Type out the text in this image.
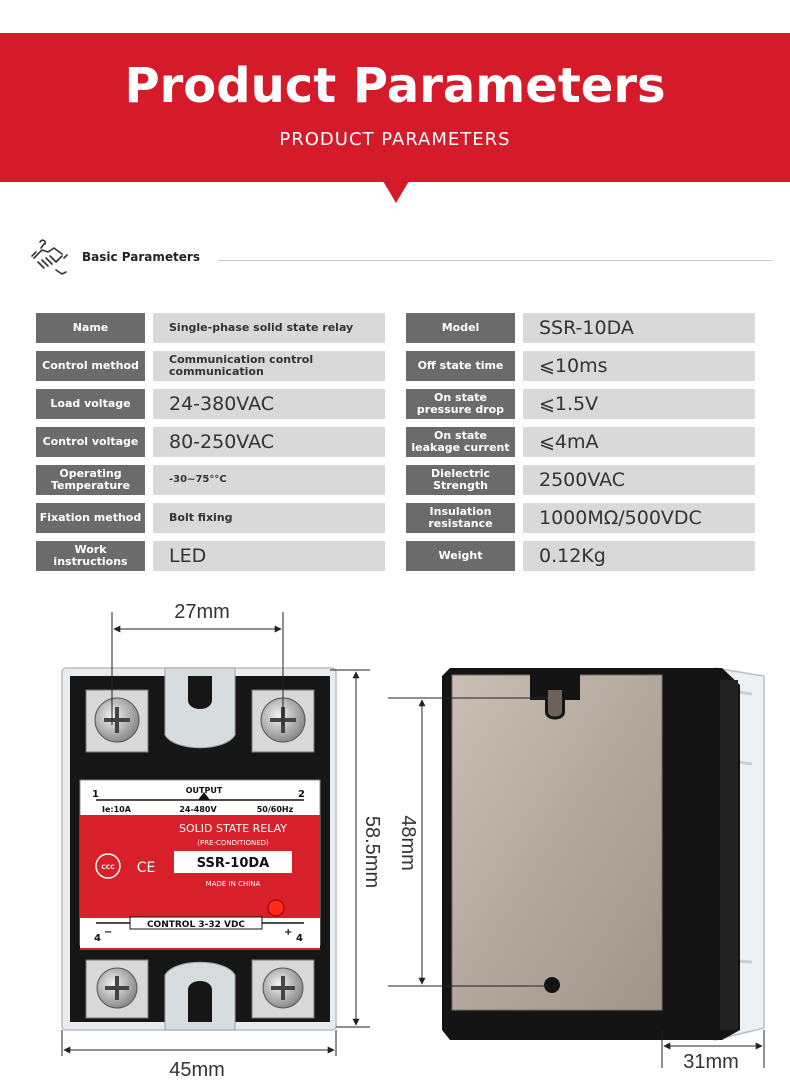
Product Parameters
PRODUCT PARAMETERS
Basic Parameters
Name	Single-phase solid state relay	Model	SSR-10DA
Control method	Communication control communication	Off state time	⩽10ms
Load voltage	24-380VAC	On state pressure drop	⩽1.5V
Control voltage	80-250VAC	On state leakage current	⩽4mA
Operating Temperature	-30~75°°C	Dielectric Strength	2500VAC
Fixation method	Bolt fixing	Insulation resistance	1000MΩ/500VDC
Work instructions	LED	Weight	0.12Kg
OUTPUT
1	2
Ie:10A	24-480V	50/60Hz
SOLID STATE RELAY
(PRE-CONDITIONED)
SSR-10DA
MADE IN CHINA
CCC CE
CONTROL 3-32 VDC
4
−	+
4
27mm
58.5mm
45mm
48mm
31mm
